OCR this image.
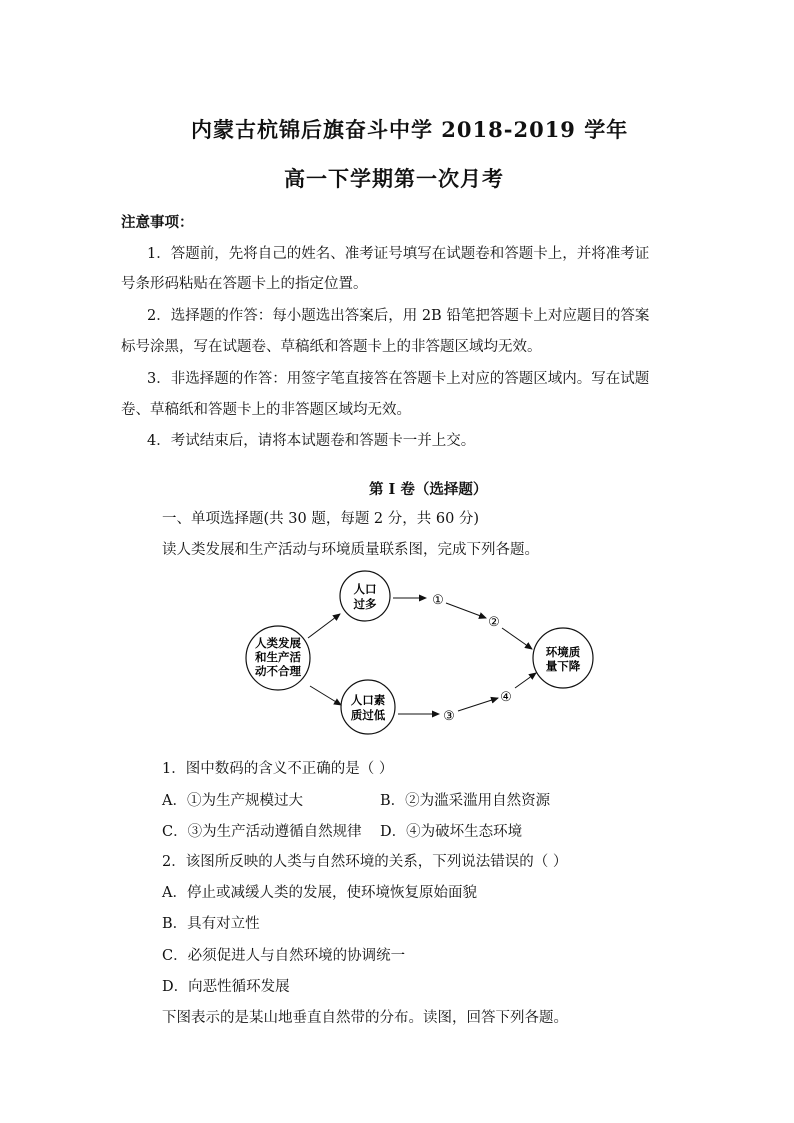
内蒙古杭锦后旗奋斗中学 2018-2019 学年
高一下学期第一次月考
注意事项：
1．答题前，先将自己的姓名、准考证号填写在试题卷和答题卡上，并将准考证
号条形码粘贴在答题卡上的指定位置。
2．选择题的作答：每小题选出答案后，用 2B 铅笔把答题卡上对应题目的答案
标号涂黑，写在试题卷、草稿纸和答题卡上的非答题区域均无效。
3．非选择题的作答：用签字笔直接答在答题卡上对应的答题区域内。写在试题
卷、草稿纸和答题卡上的非答题区域均无效。
4．考试结束后，请将本试题卷和答题卡一并上交。
第 I 卷（选择题）
一、单项选择题(共 30 题，每题 2 分，共 60 分)
读人类发展和生产活动与环境质量联系图，完成下列各题。
人类发展
和生产活
动不合理
人口
过多
人口素
质过低
环境质
量下降
①
②
③
④
1．图中数码的含义不正确的是（ ）
A．①为生产规模过大	B．②为滥采滥用自然资源
C．③为生产活动遵循自然规律 D．④为破坏生态环境
2．该图所反映的人类与自然环境的关系，下列说法错误的（ ）
A．停止或减缓人类的发展，使环境恢复原始面貌
B．具有对立性
C．必须促进人与自然环境的协调统一
D．向恶性循环发展
下图表示的是某山地垂直自然带的分布。读图，回答下列各题。
